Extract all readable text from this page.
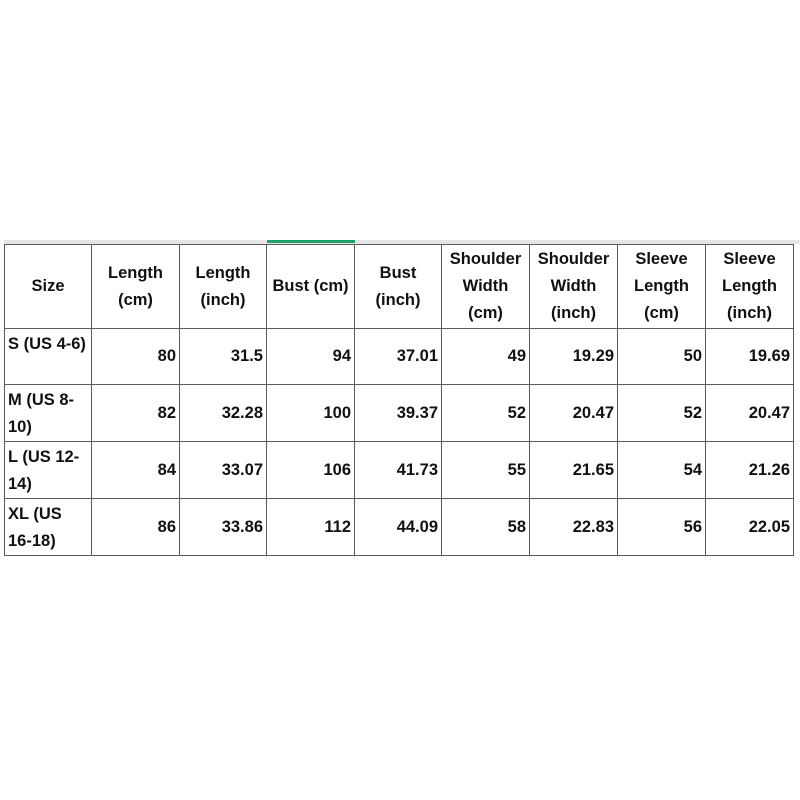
Size	Length (cm)	Length (inch)	Bust (cm)	Bust (inch)	Shoulder Width (cm)	Shoulder Width (inch)	Sleeve Length (cm)	Sleeve Length (inch)
S (US 4-6)	80	31.5	94	37.01	49	19.29	50	19.69
M (US 8-10)	82	32.28	100	39.37	52	20.47	52	20.47
L (US 12-14)	84	33.07	106	41.73	55	21.65	54	21.26
XL (US 16-18)	86	33.86	112	44.09	58	22.83	56	22.05
